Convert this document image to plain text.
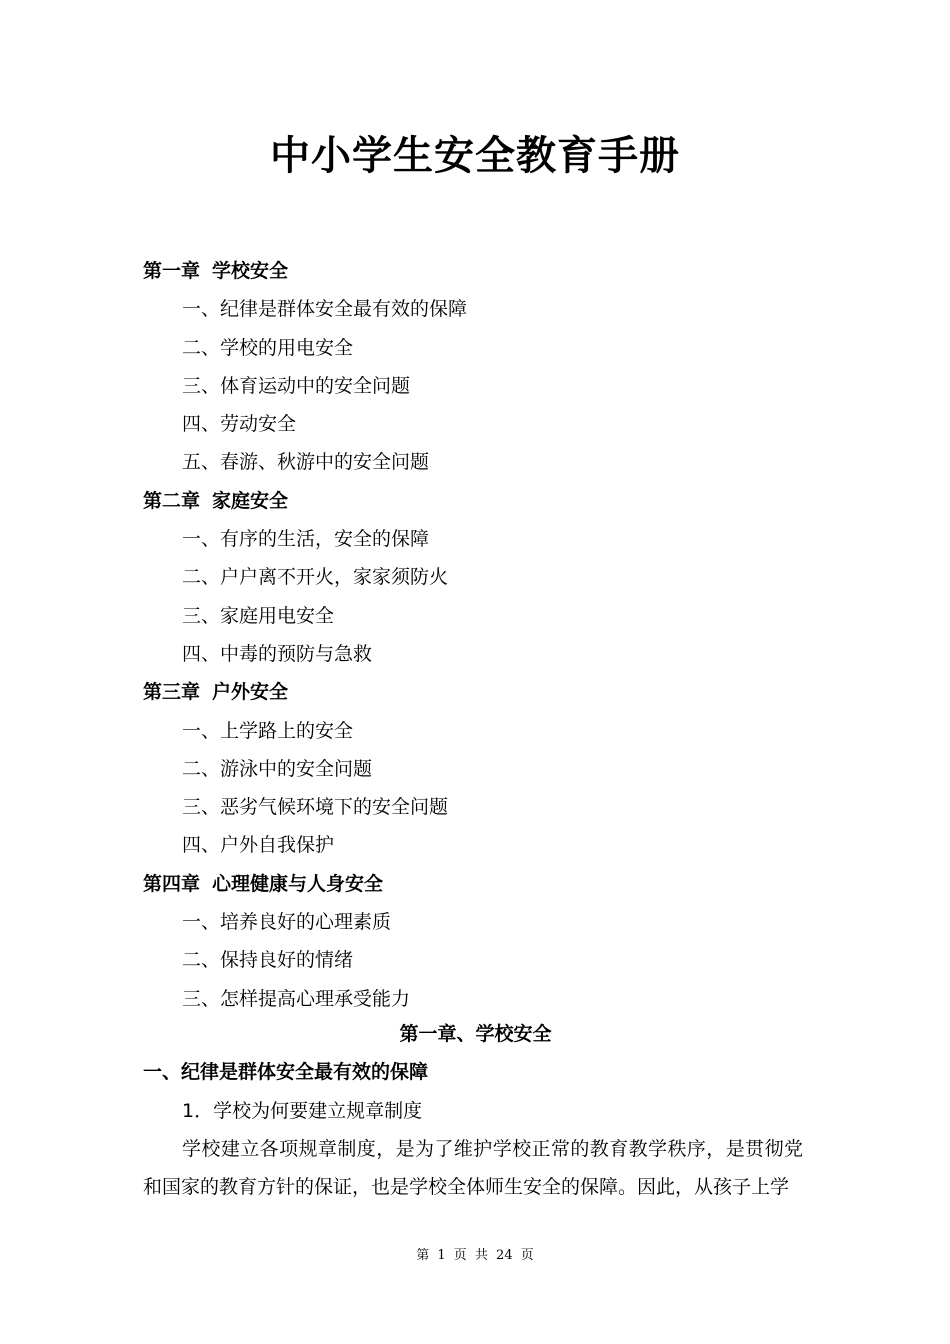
中小学生安全教育手册
第一章 学校安全
一、纪律是群体安全最有效的保障
二、学校的用电安全
三、体育运动中的安全问题
四、劳动安全
五、春游、秋游中的安全问题
第二章 家庭安全
一、有序的生活，安全的保障
二、户户离不开火，家家须防火
三、家庭用电安全
四、中毒的预防与急救
第三章 户外安全
一、上学路上的安全
二、游泳中的安全问题
三、恶劣气候环境下的安全问题
四、户外自我保护
第四章 心理健康与人身安全
一、培养良好的心理素质
二、保持良好的情绪
三、怎样提高心理承受能力
第一章、学校安全
一、纪律是群体安全最有效的保障
1．学校为何要建立规章制度
学校建立各项规章制度，是为了维护学校正常的教育教学秩序，是贯彻党和国家的教育方针的保证，也是学校全体师生安全的保障。因此，从孩子上学
第 1 页 共 24 页
